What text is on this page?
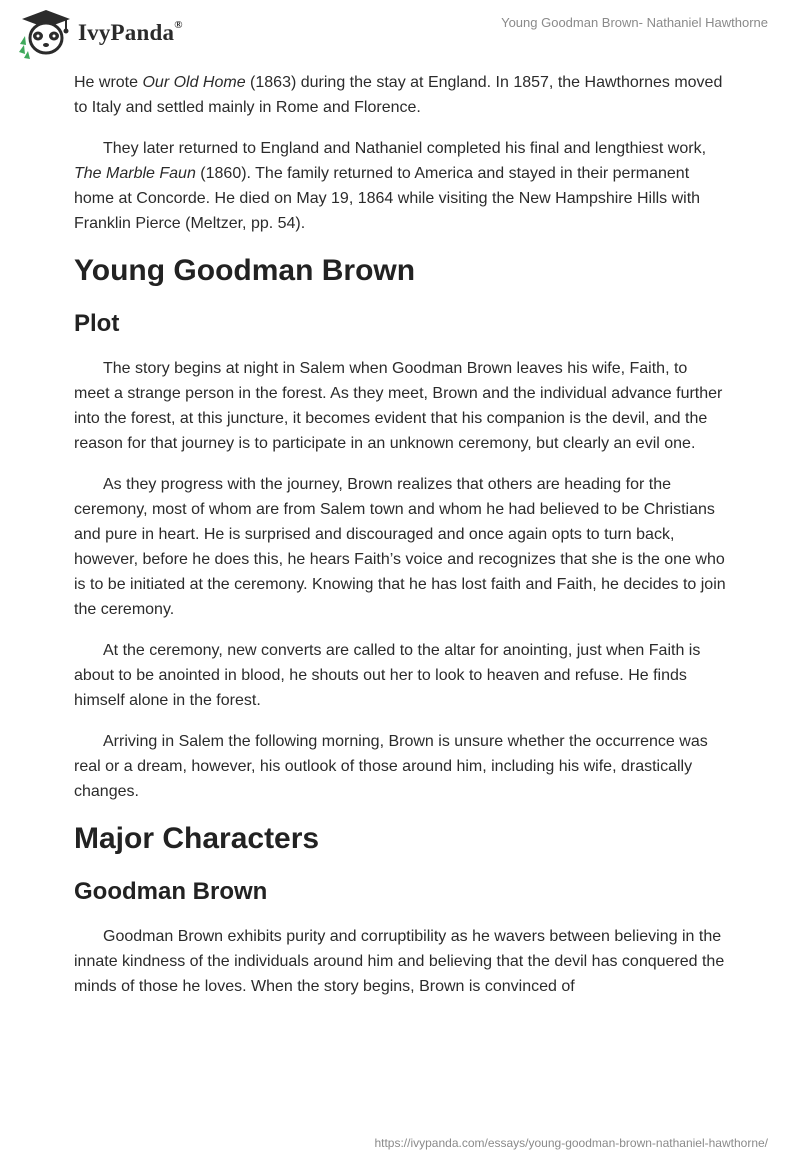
IvyPanda®	Young Goodman Brown- Nathaniel Hawthorne

He wrote Our Old Home (1863) during the stay at England. In 1857, the Hawthornes moved to Italy and settled mainly in Rome and Florence.

They later returned to England and Nathaniel completed his final and lengthiest work, The Marble Faun (1860). The family returned to America and stayed in their permanent home at Concorde. He died on May 19, 1864 while visiting the New Hampshire Hills with Franklin Pierce (Meltzer, pp. 54).

Young Goodman Brown
Plot

The story begins at night in Salem when Goodman Brown leaves his wife, Faith, to meet a strange person in the forest. As they meet, Brown and the individual advance further into the forest, at this juncture, it becomes evident that his companion is the devil, and the reason for that journey is to participate in an unknown ceremony, but clearly an evil one.

As they progress with the journey, Brown realizes that others are heading for the ceremony, most of whom are from Salem town and whom he had believed to be Christians and pure in heart. He is surprised and discouraged and once again opts to turn back, however, before he does this, he hears Faith’s voice and recognizes that she is the one who is to be initiated at the ceremony. Knowing that he has lost faith and Faith, he decides to join the ceremony.

At the ceremony, new converts are called to the altar for anointing, just when Faith is about to be anointed in blood, he shouts out her to look to heaven and refuse. He finds himself alone in the forest.

Arriving in Salem the following morning, Brown is unsure whether the occurrence was real or a dream, however, his outlook of those around him, including his wife, drastically changes.

Major Characters
Goodman Brown

Goodman Brown exhibits purity and corruptibility as he wavers between believing in the innate kindness of the individuals around him and believing that the devil has conquered the minds of those he loves. When the story begins, Brown is convinced of

https://ivypanda.com/essays/young-goodman-brown-nathaniel-hawthorne/
